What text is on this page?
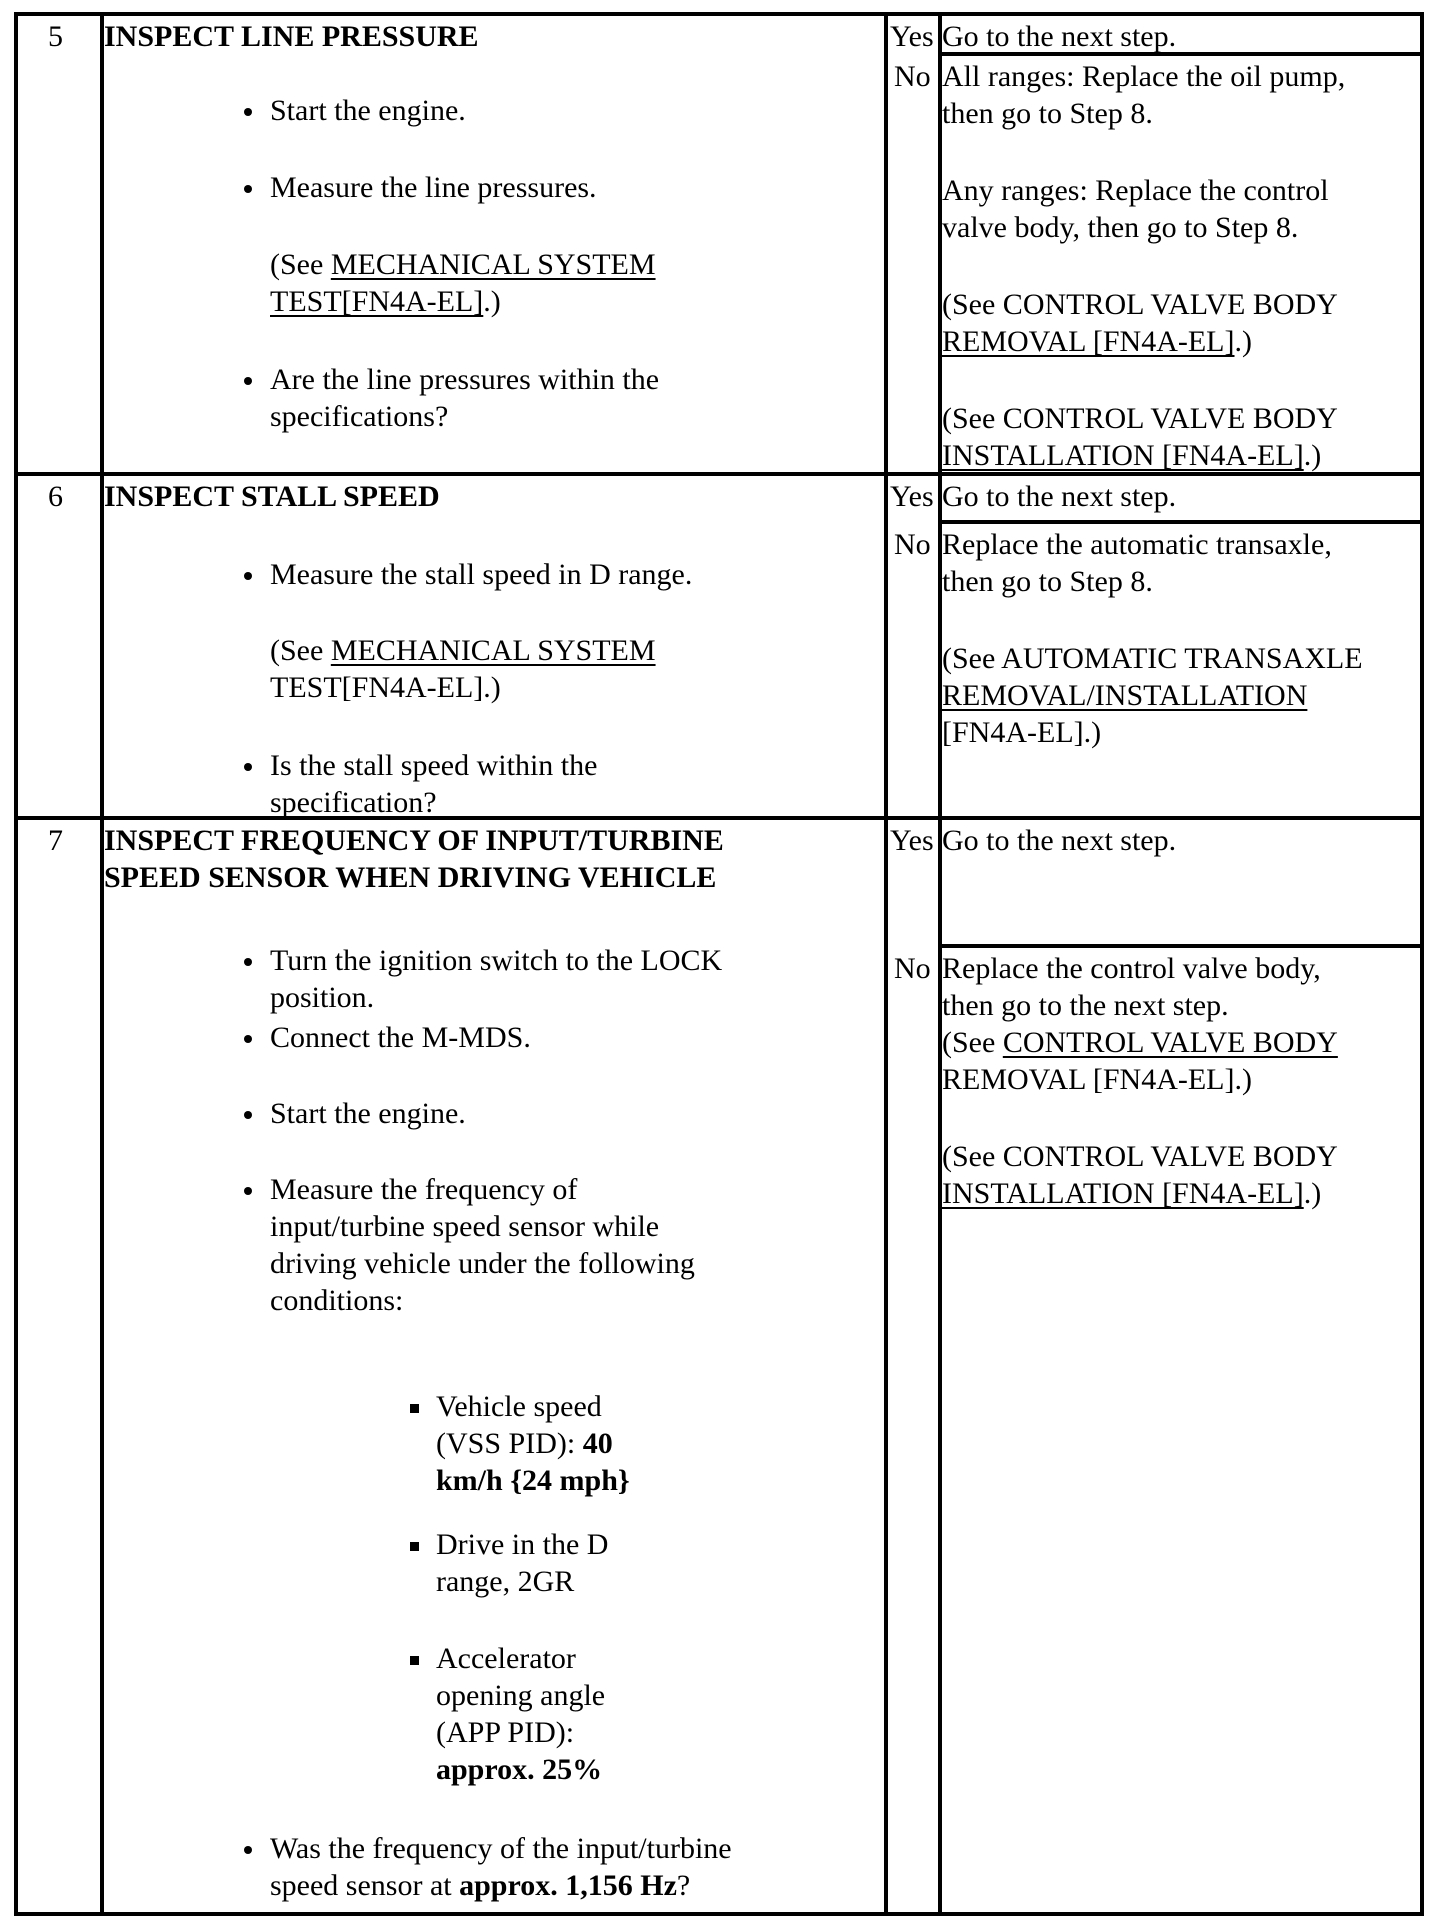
5 INSPECT LINE PRESSURE
Start the engine.
Measure the line pressures.
(See MECHANICAL SYSTEM
TEST[FN4A-EL].)
Are the line pressures within the
specifications?
Yes Go to the next step.
No All ranges: Replace the oil pump,
then go to Step 8.
Any ranges: Replace the control
valve body, then go to Step 8.
(See CONTROL VALVE BODY
REMOVAL [FN4A-EL].)
(See CONTROL VALVE BODY
INSTALLATION [FN4A-EL].)
6 INSPECT STALL SPEED
Measure the stall speed in D range.
(See MECHANICAL SYSTEM
TEST[FN4A-EL].)
Is the stall speed within the
specification?
Yes Go to the next step.
No Replace the automatic transaxle,
then go to Step 8.
(See AUTOMATIC TRANSAXLE
REMOVAL/INSTALLATION
[FN4A-EL].)
7 INSPECT FREQUENCY OF INPUT/TURBINE
SPEED SENSOR WHEN DRIVING VEHICLE
Turn the ignition switch to the LOCK
position.
Connect the M-MDS.
Start the engine.
Measure the frequency of
input/turbine speed sensor while
driving vehicle under the following
conditions:
Vehicle speed
(VSS PID): 40
km/h {24 mph}
Drive in the D
range, 2GR
Accelerator
opening angle
(APP PID):
approx. 25%
Was the frequency of the input/turbine
speed sensor at approx. 1,156 Hz?
Yes Go to the next step.
No Replace the control valve body,
then go to the next step.
(See CONTROL VALVE BODY
REMOVAL [FN4A-EL].)
(See CONTROL VALVE BODY
INSTALLATION [FN4A-EL].)
